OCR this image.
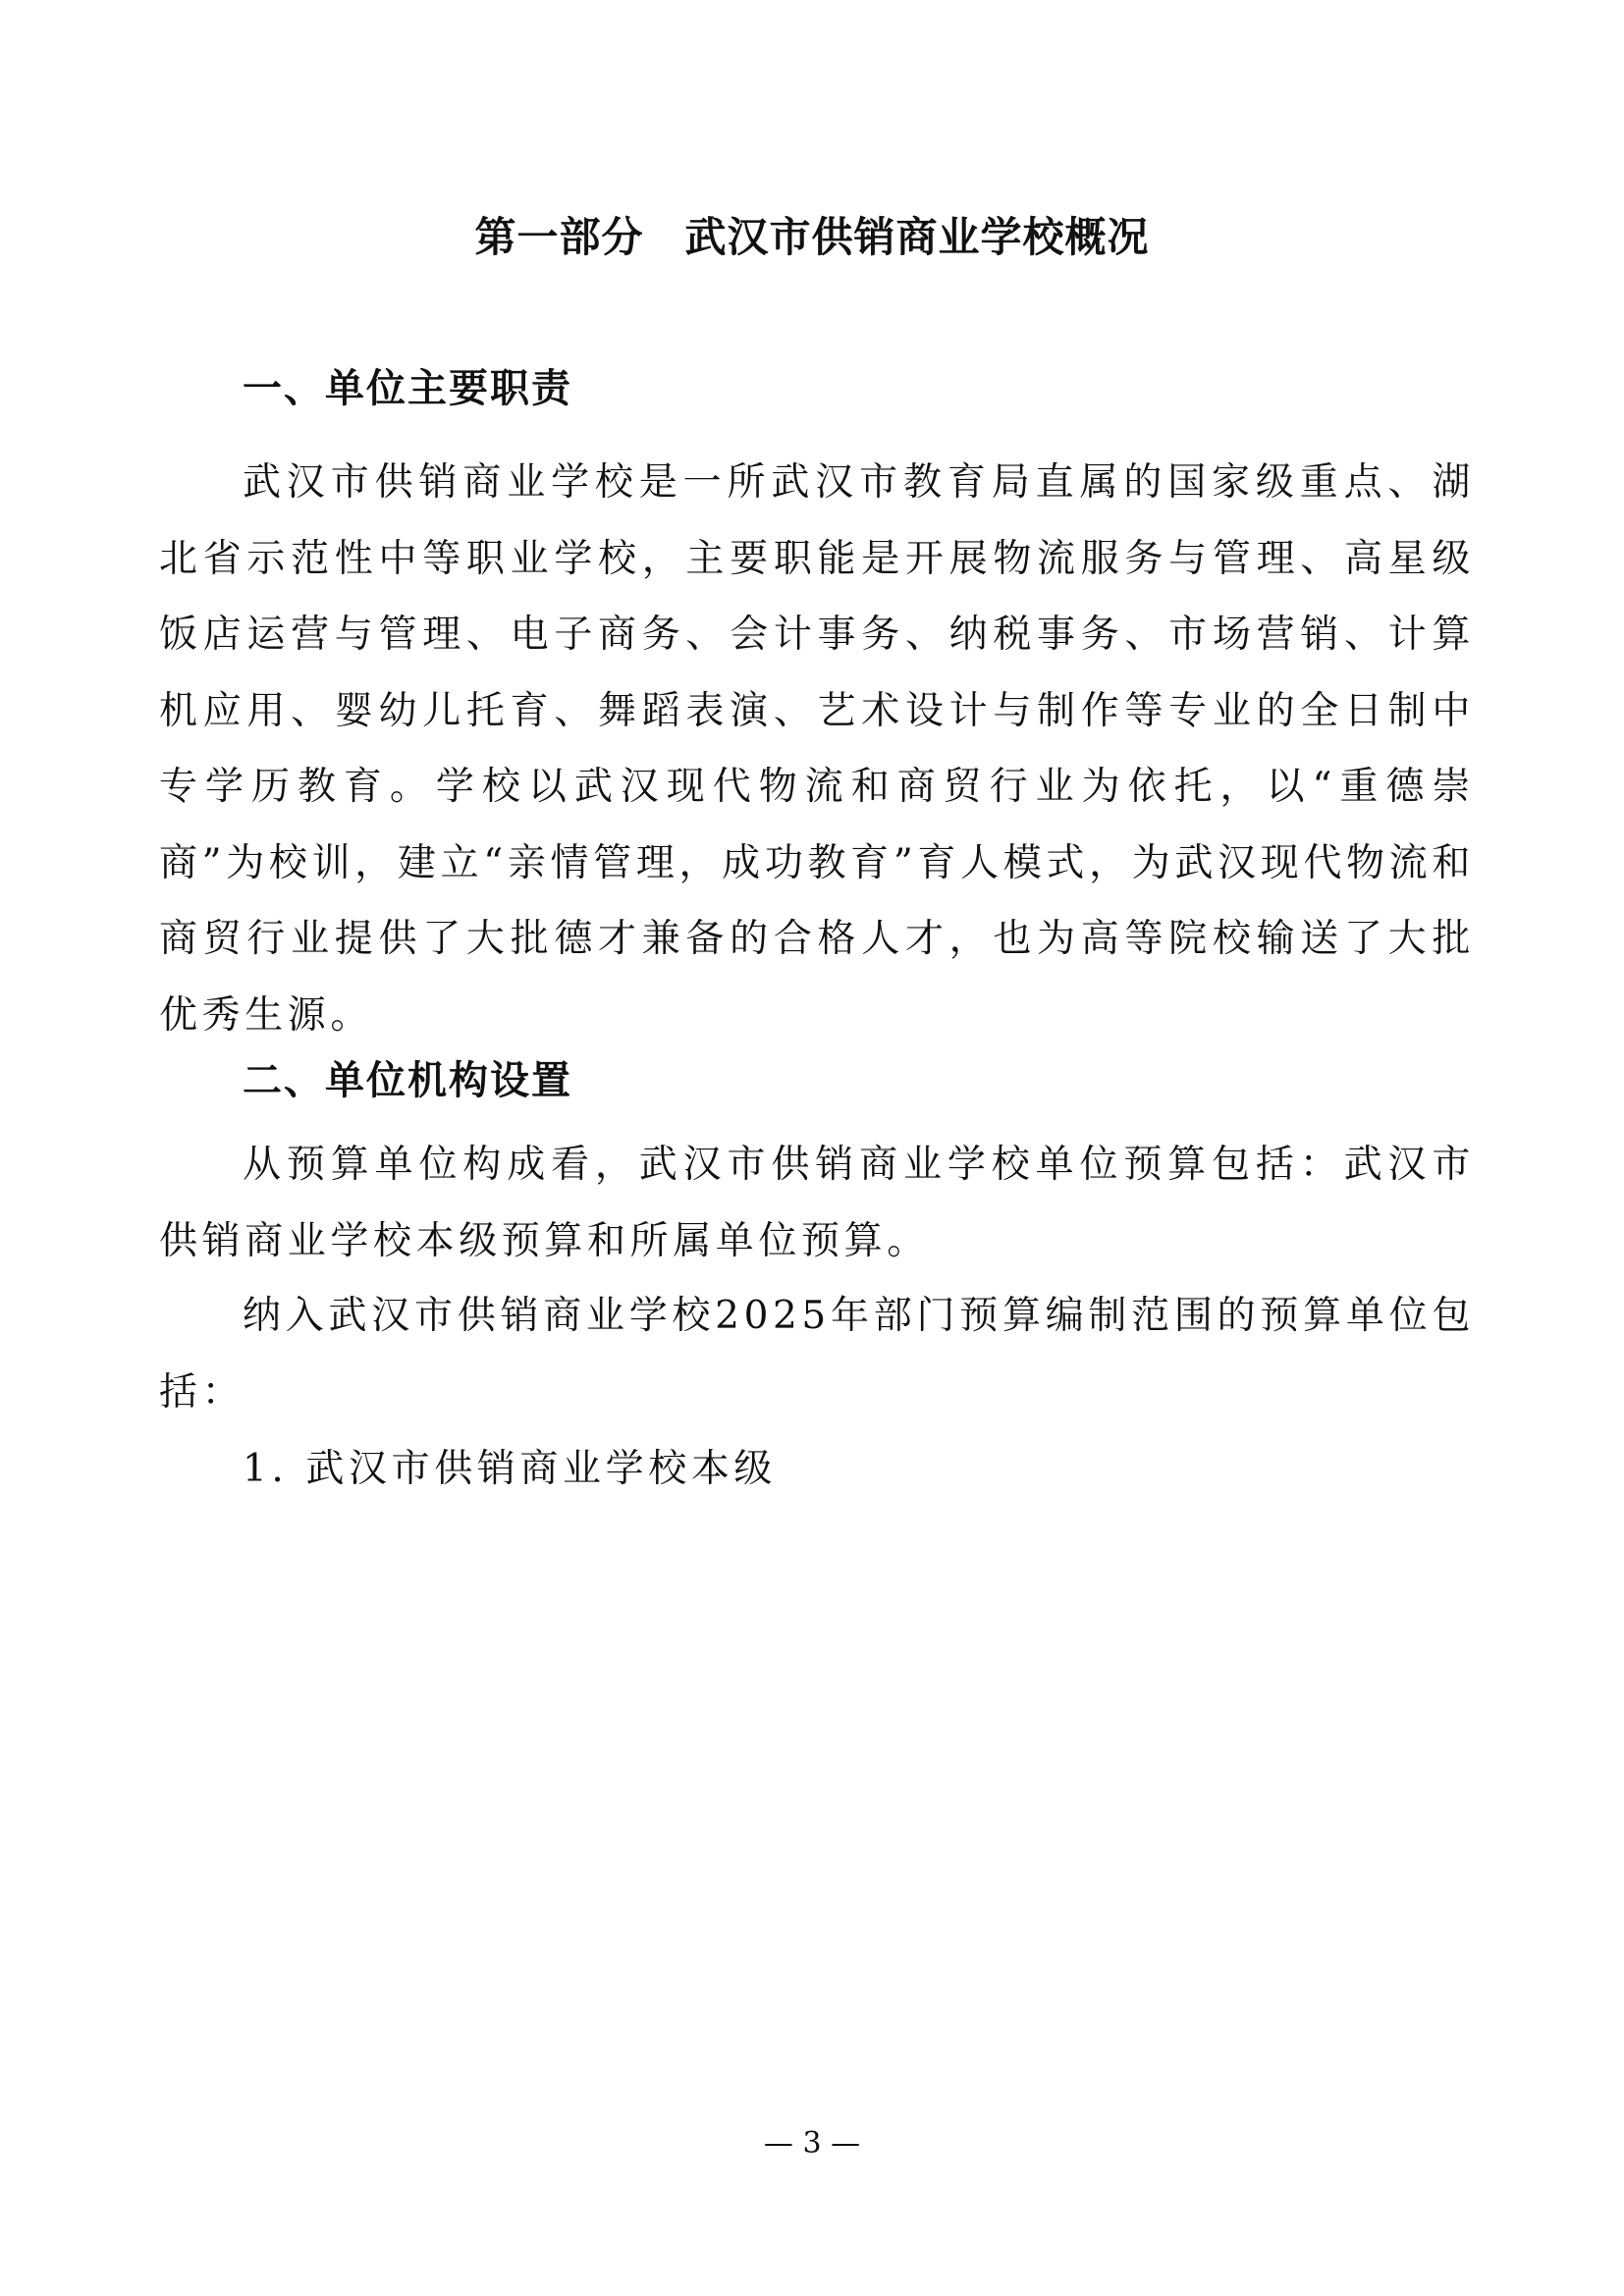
第一部分 武汉市供销商业学校概况
一、单位主要职责

武汉市供销商业学校是一所武汉市教育局直属的国家级重点、湖北省示范性中等职业学校，主要职能是开展物流服务与管理、高星级饭店运营与管理、电子商务、会计事务、纳税事务、市场营销、计算机应用、婴幼儿托育、舞蹈表演、艺术设计与制作等专业的全日制中专学历教育。学校以武汉现代物流和商贸行业为依托，以“重德崇商”为校训，建立“亲情管理，成功教育”育人模式，为武汉现代物流和商贸行业提供了大批德才兼备的合格人才，也为高等院校输送了大批优秀生源。

二、单位机构设置

从预算单位构成看，武汉市供销商业学校单位预算包括：武汉市供销商业学校本级预算和所属单位预算。

纳入武汉市供销商业学校2025年部门预算编制范围的预算单位包括：

1. 武汉市供销商业学校本级
— 3 —
